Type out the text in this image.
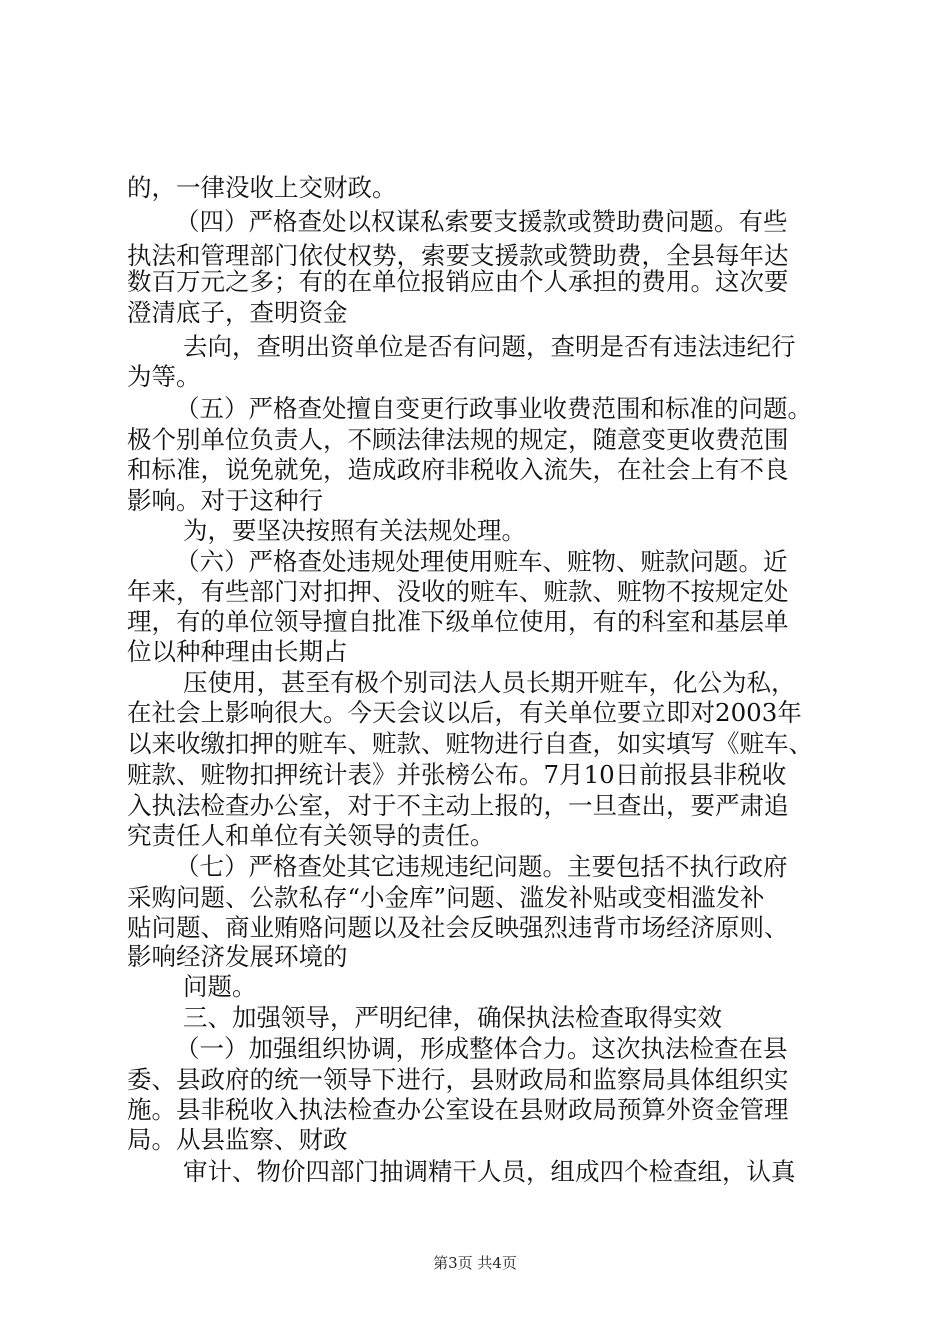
的，一律没收上交财政。

（四）严格查处以权谋私索要支援款或赞助费问题。有些

执法和管理部门依仗权势，索要支援款或赞助费，全县每年达

数百万元之多；有的在单位报销应由个人承担的费用。这次要

澄清底子，查明资金

去向，查明出资单位是否有问题，查明是否有违法违纪行

为等。

（五）严格查处擅自变更行政事业收费范围和标准的问题。

极个别单位负责人，不顾法律法规的规定，随意变更收费范围

和标准，说免就免，造成政府非税收入流失，在社会上有不良

影响。对于这种行

为，要坚决按照有关法规处理。

（六）严格查处违规处理使用赃车、赃物、赃款问题。近

年来，有些部门对扣押、没收的赃车、赃款、赃物不按规定处

理，有的单位领导擅自批准下级单位使用，有的科室和基层单

位以种种理由长期占

压使用，甚至有极个别司法人员长期开赃车，化公为私，

在社会上影响很大。今天会议以后，有关单位要立即对2003年

以来收缴扣押的赃车、赃款、赃物进行自查，如实填写《赃车、

赃款、赃物扣押统计表》并张榜公布。7月10日前报县非税收

入执法检查办公室，对于不主动上报的，一旦查出，要严肃追

究责任人和单位有关领导的责任。

（七）严格查处其它违规违纪问题。主要包括不执行政府

采购问题、公款私存“小金库”问题、滥发补贴或变相滥发补

贴问题、商业贿赂问题以及社会反映强烈违背市场经济原则、

影响经济发展环境的

问题。

三、加强领导，严明纪律，确保执法检查取得实效

（一）加强组织协调，形成整体合力。这次执法检查在县

委、县政府的统一领导下进行，县财政局和监察局具体组织实

施。县非税收入执法检查办公室设在县财政局预算外资金管理

局。从县监察、财政

审计、物价四部门抽调精干人员，组成四个检查组，认真

第3页 共4页
